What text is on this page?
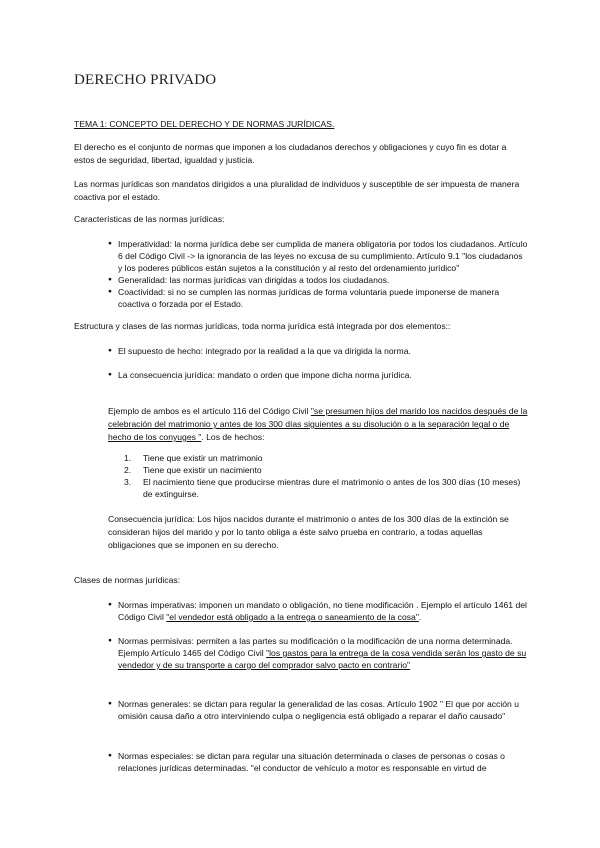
DERECHO PRIVADO

TEMA 1: CONCEPTO DEL DERECHO Y DE NORMAS JURÍDICAS.

El derecho es el conjunto de normas que imponen a los ciudadanos derechos y obligaciones y cuyo fin es dotar a estos de seguridad, libertad, igualdad y justicia.

Las normas jurídicas son mandatos dirigidos a una pluralidad de individuos y susceptible de ser impuesta de manera coactiva por el estado.

Características de las normas jurídicas:

● Imperatividad: la norma jurídica debe ser cumplida de manera obligatoria por todos los ciudadanos. Artículo 6 del Código Civil -> la ignorancia de las leyes no excusa de su cumplimiento. Artículo 9.1 "los ciudadanos y los poderes públicos están sujetos a la constitución y al resto del ordenamiento jurídico"
● Generalidad: las normas jurídicas van dirigidas a todos los ciudadanos.
● Coactividad: si no se cumplen las normas jurídicas de forma voluntaria puede imponerse de manera coactiva o forzada por el Estado.

Estructura y clases de las normas jurídicas, toda norma jurídica está integrada por dos elementos::

● El supuesto de hecho: integrado por la realidad a la que va dirigida la norma.
● La consecuencia jurídica: mandato o orden que impone dicha norma jurídica.

Ejemplo de ambos es el artículo 116 del Código Civil "se presumen hijos del marido los nacidos después de la celebración del matrimonio y antes de los 300 días siguientes a su disolución o a la separación legal o de hecho de los conyuges ". Los de hechos:

1. Tiene que existir un matrimonio
2. Tiene que existir un nacimiento
3. El nacimiento tiene que producirse mientras dure el matrimonio o antes de los 300 días (10 meses) de extinguirse.

Consecuencia jurídica: Los hijos nacidos durante el matrimonio o antes de los 300 días de la extinción se consideran hijos del marido y por lo tanto obliga a éste salvo prueba en contrario, a todas aquellas obligaciones que se imponen en su derecho.

Clases de normas jurídicas:

● Normas imperativas: imponen un mandato o obligación, no tiene modificación . Ejemplo el artículo 1461 del Código Civil "el vendedor está obligado a la entrega o saneamiento de la cosa".
● Normas permisivas: permiten a las partes su modificación o la modificación de una norma determinada. Ejemplo Artículo 1465 del Código Civil "los gastos para la entrega de la cosa vendida serán los gasto de su vendedor y de su transporte a cargo del comprador salvo pacto en contrario"
● Normas generales: se dictan para regular la generalidad de las cosas. Artículo 1902 " El que por acción u omisión causa daño a otro interviniendo culpa o negligencia está obligado a reparar el daño causado"
● Normas especiales: se dictan para regular una situación determinada o clases de personas o cosas o relaciones jurídicas determinadas. "el conductor de vehículo a motor es responsable en virtud de
